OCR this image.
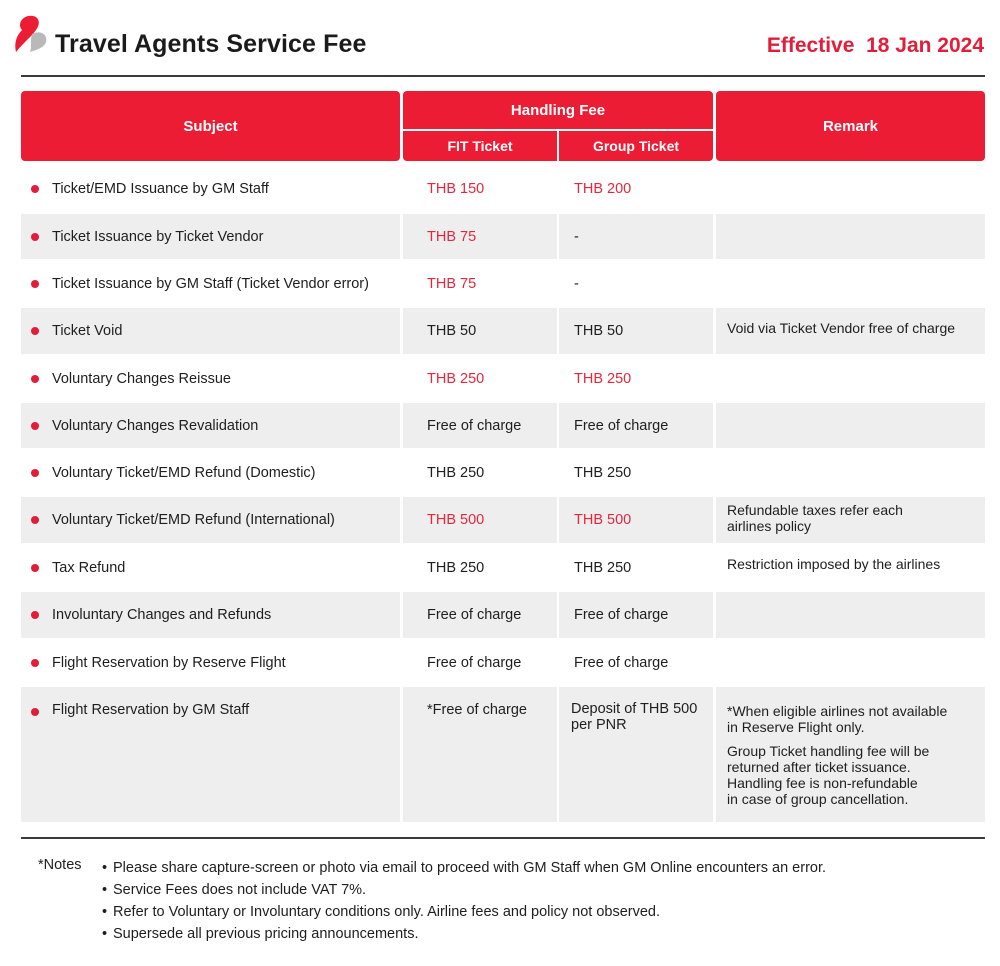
Travel Agents Service Fee	Effective  18 Jan 2024
Subject
Handling Fee
FIT Ticket	Group Ticket
Remark
Ticket/EMD Issuance by GM Staff	THB 150	THB 200
Ticket Issuance by Ticket Vendor	THB 75	-
Ticket Issuance by GM Staff (Ticket Vendor error)	THB 75	-
Ticket Void	THB 50	THB 50	Void via Ticket Vendor free of charge
Voluntary Changes Reissue	THB 250	THB 250
Voluntary Changes Revalidation	Free of charge	Free of charge
Voluntary Ticket/EMD Refund (Domestic)	THB 250	THB 250
Voluntary Ticket/EMD Refund (International)	THB 500	THB 500
Refundable taxes refer each
airlines policy
Tax Refund	THB 250	THB 250	Restriction imposed by the airlines
Involuntary Changes and Refunds	Free of charge	Free of charge
Flight Reservation by Reserve Flight	Free of charge	Free of charge
Flight Reservation by GM Staff	*Free of charge	Deposit of THB 500
per PNR
*When eligible airlines not available
in Reserve Flight only.
Group Ticket handling fee will be
returned after ticket issuance.
Handling fee is non-refundable
in case of group cancellation.
*Notes
•	Please share capture-screen or photo via email to proceed with GM Staff when GM Online encounters an error.
• Service Fees does not include VAT 7%.
• Refer to Voluntary or Involuntary conditions only. Airline fees and policy not observed.
• Supersede all previous pricing announcements.
